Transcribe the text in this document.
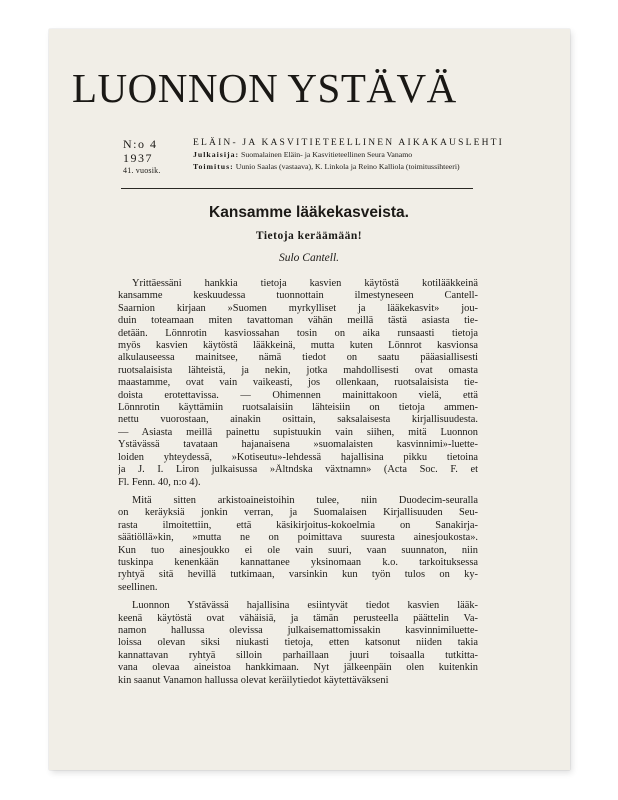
LUONNON YSTÄVÄ
N:o 4
1937
41. vuosik.
ELÄIN- JA KASVITIETEELLINEN AIKAKAUSLEHTI
Julkaisija: Suomalainen Eläin- ja Kasvitieteellinen Seura Vanamo
Toimitus: Uunio Saalas (vastaava), K. Linkola ja Reino Kalliola (toimitussihteeri)
Kansamme lääkekasveista.
Tietoja keräämään!
Sulo Cantell.
Yrittäessäni hankkia tietoja kasvien käytöstä kotilääkkeinä
kansamme keskuudessa tuonnottain ilmestyneseen Cantell-
Saarnion kirjaan »Suomen myrkylliset ja lääkekasvit» jou-
duin toteamaan miten tavattoman vähän meillä tästä asiasta tie-
detään. Lönnrotin kasviossahan tosin on aika runsaasti tietoja
myös kasvien käytöstä lääkkeinä, mutta kuten Lönnrot kasvionsa
alkulauseessa mainitsee, nämä tiedot on saatu pääasiallisesti
ruotsalaisista lähteistä, ja nekin, jotka mahdollisesti ovat omasta
maastamme, ovat vain vaikeasti, jos ollenkaan, ruotsalaisista tie-
doista erotettavissa. — Ohimennen mainittakoon vielä, että
Lönnrotin käyttämiin ruotsalaisiin lähteisiin on tietoja ammen-
nettu vuorostaan, ainakin osittain, saksalaisesta kirjallisuudesta.
— Asiasta meillä painettu supistuukin vain siihen, mitä Luonnon
Ystävässä tavataan hajanaisena »suomalaisten kasvinnimi»-luette-
loiden yhteydessä, »Kotiseutu»-lehdessä hajallisina pikku tietoina
ja J. I. Liron julkaisussa »Ältndska växtnamn» (Acta Soc. F. et
Fl. Fenn. 40, n:o 4).
Mitä sitten arkistoaineistoihin tulee, niin Duodecim-seuralla
on keräyksiä jonkin verran, ja Suomalaisen Kirjallisuuden Seu-
rasta ilmoitettiin, että käsikirjoitus-kokoelmia on Sanakirja-
säätiöllä»kin, »mutta ne on poimittava suuresta ainesjoukosta».
Kun tuo ainesjoukko ei ole vain suuri, vaan suunnaton, niin
tuskinpa kenenkään kannattanee yksinomaan k.o. tarkoituksessa
ryhtyä sitä hevillä tutkimaan, varsinkin kun työn tulos on ky-
seellinen.
Luonnon Ystävässä hajallisina esiintyvät tiedot kasvien lääk-
keenä käytöstä ovat vähäisiä, ja tämän perusteella päättelin Va-
namon hallussa olevissa julkaisemattomissakin kasvinnimiluette-
loissa olevan siksi niukasti tietoja, etten katsonut niiden takia
kannattavan ryhtyä silloin parhaillaan juuri toisaalla tutkitta-
vana olevaa aineistoa hankkimaan. Nyt jälkeenpäin olen kuitenkin
kin saanut Vanamon hallussa olevat keräilytiedot käytettäväkseni
